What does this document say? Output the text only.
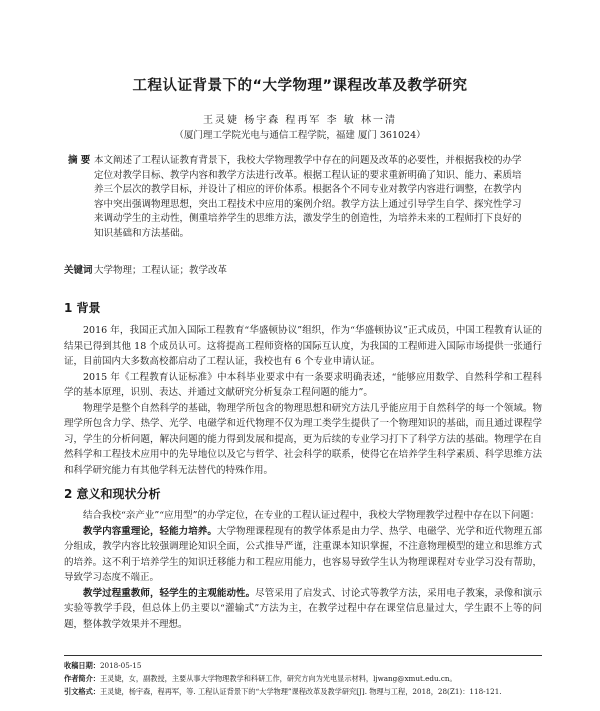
工程认证背景下的“大学物理”课程改革及教学研究
王灵婕 杨宇森 程再军 李 敏 林一清
（厦门理工学院光电与通信工程学院，福建 厦门 361024）
摘 要 本文阐述了工程认证教育背景下，我校大学物理教学中存在的问题及改革的必要性，并根据我校的办学定位对教学目标、教学内容和教学方法进行改革。根据工程认证的要求重新明确了知识、能力、素质培养三个层次的教学目标，并设计了相应的评价体系。根据各个不同专业对教学内容进行调整，在教学内容中突出强调物理思想，突出工程技术中应用的案例介绍。教学方法上通过引导学生自学、探究性学习来调动学生的主动性，侧重培养学生的思维方法，激发学生的创造性，为培养未来的工程师打下良好的知识基础和方法基础。
关键词 大学物理；工程认证；教学改革
1 背景

2016 年，我国正式加入国际工程教育“华盛顿协议”组织，作为“华盛顿协议”正式成员，中国工程教育认证的结果已得到其他 18 个成员认可。这将提高工程师资格的国际互认度，为我国的工程师进入国际市场提供一张通行证，目前国内大多数高校都启动了工程认证，我校也有 6 个专业申请认证。

2015 年《工程教育认证标准》中本科毕业要求中有一条要求明确表述，“能够应用数学、自然科学和工程科学的基本原理，识别、表达、并通过文献研究分析复杂工程问题的能力”。

物理学是整个自然科学的基础，物理学所包含的物理思想和研究方法几乎能应用于自然科学的每一个领域。物理学所包含力学、热学、光学、电磁学和近代物理不仅为理工类学生提供了一个物理知识的基础，而且通过课程学习，学生的分析问题，解决问题的能力得到发展和提高，更为后续的专业学习打下了科学方法的基础。物理学在自然科学和工程技术应用中的先导地位以及它与哲学、社会科学的联系，使得它在培养学生科学素质、科学思维方法和科学研究能力有其他学科无法替代的特殊作用。

2 意义和现状分析

结合我校“亲产业”“应用型”的办学定位，在专业的工程认证过程中，我校大学物理教学过程中存在以下问题：

教学内容重理论，轻能力培养。大学物理课程现有的教学体系是由力学、热学、电磁学、光学和近代物理五部分组成，教学内容比较强调理论知识全面，公式推导严谨，注重课本知识掌握，不注意物理模型的建立和思维方式的培养。这不利于培养学生的知识迁移能力和工程应用能力，也容易导致学生认为物理课程对专业学习没有帮助，导致学习态度不端正。

教学过程重教师，轻学生的主观能动性。尽管采用了启发式、讨论式等教学方法，采用电子教案，录像和演示实验等教学手段，但总体上仍主要以“灌输式”方法为主，在教学过程中存在课堂信息量过大，学生跟不上等的问题，整体教学效果并不理想。

收稿日期：2018-05-15
作者简介：王灵婕，女，副教授，主要从事大学物理教学和科研工作，研究方向为光电显示材料，ljwang@xmut.edu.cn。
引文格式：王灵婕，杨宇森，程再军，等. 工程认证背景下的“大学物理”课程改革及教学研究[J]. 物理与工程，2018，28(Z1)：118-121.
